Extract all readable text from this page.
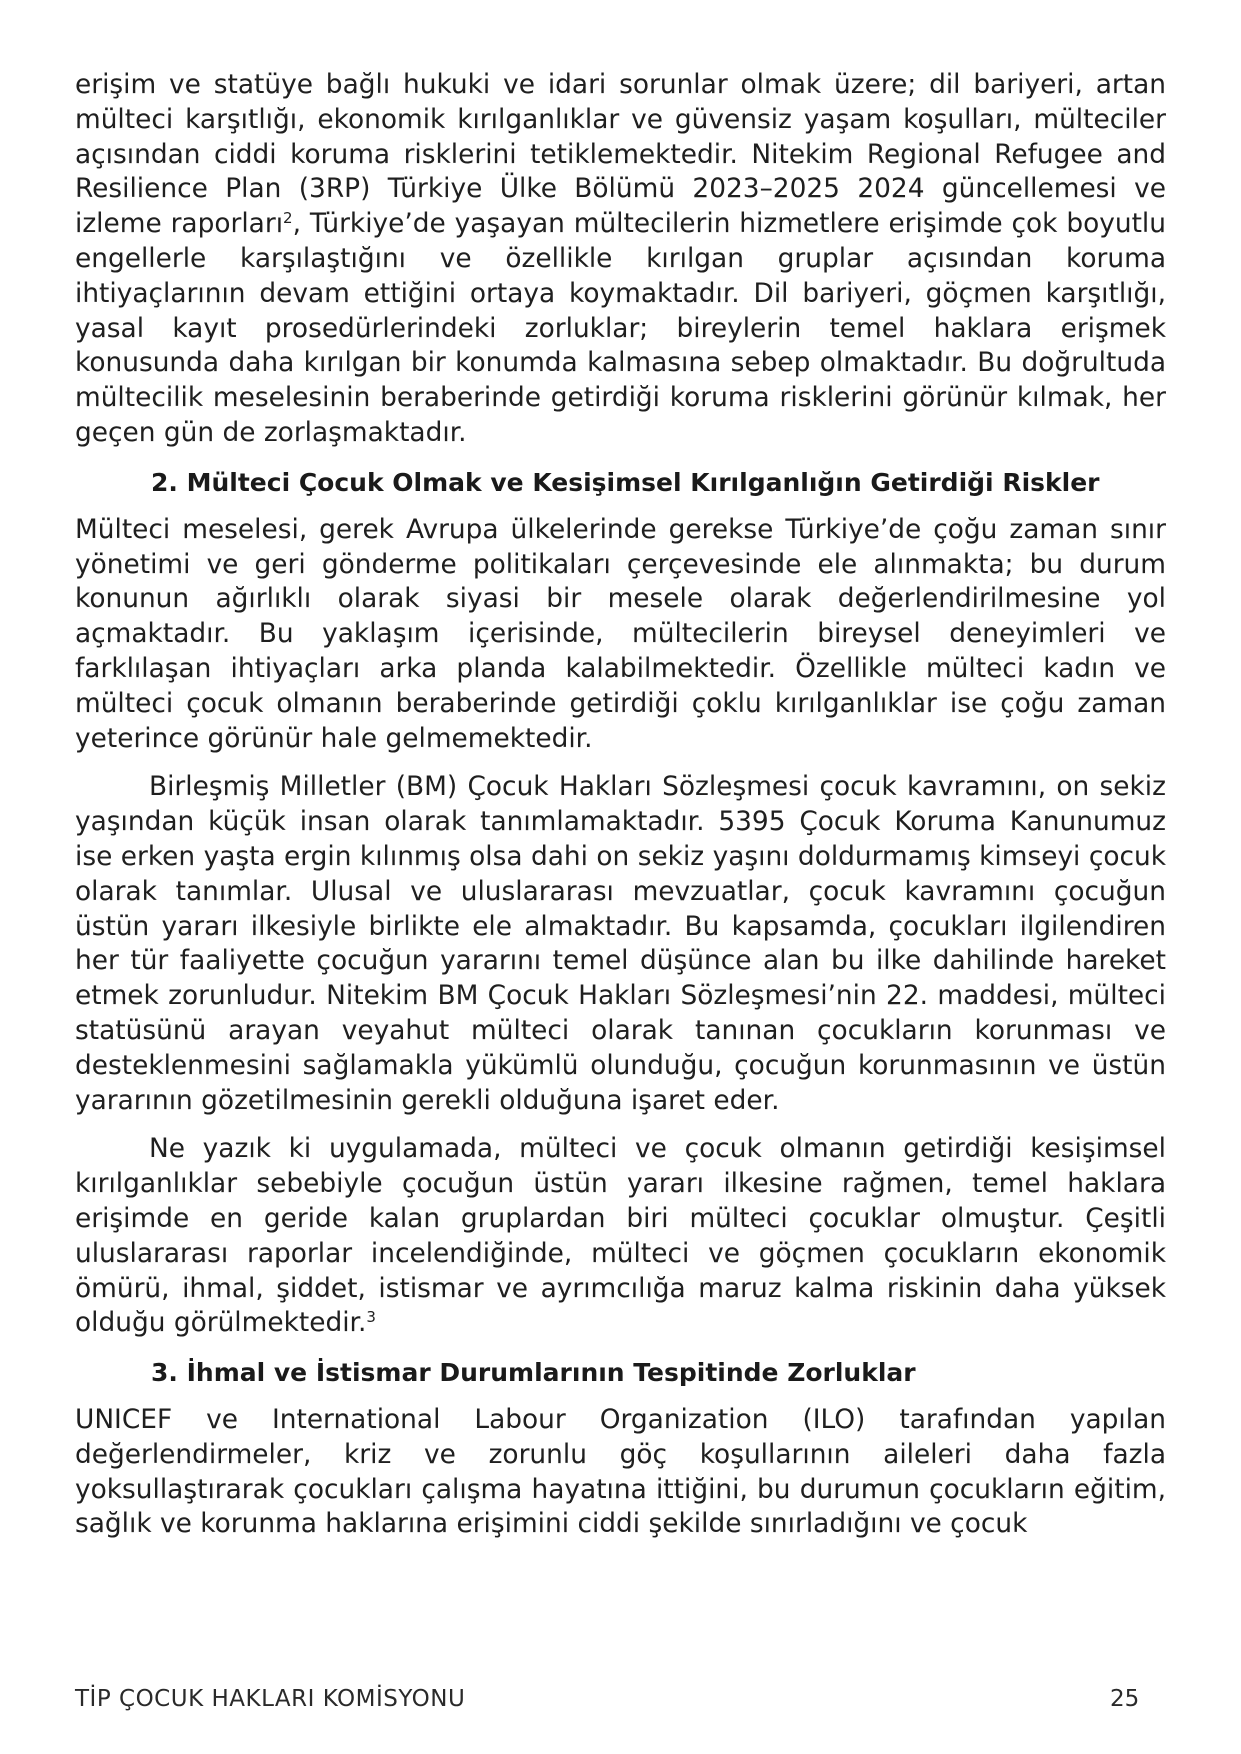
erişim ve statüye bağlı hukuki ve idari sorunlar olmak üzere; dil bariyeri, artan mülteci karşıtlığı, ekonomik kırılganlıklar ve güvensiz yaşam koşulları, mülteciler açısından ciddi koruma risklerini tetiklemektedir. Nitekim Regional Refugee and Resilience Plan (3RP) Türkiye Ülke Bölümü 2023–2025 2024 güncellemesi ve izleme raporları$^2$, Türkiye’de yaşayan mültecilerin hizmetlere erişimde çok boyutlu engellerle karşılaştığını ve özellikle kırılgan gruplar açısından koruma ihtiyaçlarının devam ettiğini ortaya koymaktadır. Dil bariyeri, göçmen karşıtlığı, yasal kayıt prosedürlerindeki zorluklar; bireylerin temel haklara erişmek konusunda daha kırılgan bir konumda kalmasına sebep olmaktadır. Bu doğrultuda mültecilik meselesinin beraberinde getirdiği koruma risklerini görünür kılmak, her geçen gün de zorlaşmaktadır.

2. Mülteci Çocuk Olmak ve Kesişimsel Kırılganlığın Getirdiği Riskler

Mülteci meselesi, gerek Avrupa ülkelerinde gerekse Türkiye’de çoğu zaman sınır yönetimi ve geri gönderme politikaları çerçevesinde ele alınmakta; bu durum konunun ağırlıklı olarak siyasi bir mesele olarak değerlendirilmesine yol açmaktadır. Bu yaklaşım içerisinde, mültecilerin bireysel deneyimleri ve farklılaşan ihtiyaçları arka planda kalabilmektedir. Özellikle mülteci kadın ve mülteci çocuk olmanın beraberinde getirdiği çoklu kırılganlıklar ise çoğu zaman yeterince görünür hale gelmemektedir.

Birleşmiş Milletler (BM) Çocuk Hakları Sözleşmesi çocuk kavramını, on sekiz yaşından küçük insan olarak tanımlamaktadır. 5395 Çocuk Koruma Kanunumuz ise erken yaşta ergin kılınmış olsa dahi on sekiz yaşını doldurmamış kimseyi çocuk olarak tanımlar. Ulusal ve uluslararası mevzuatlar, çocuk kavramını çocuğun üstün yararı ilkesiyle birlikte ele almaktadır. Bu kapsamda, çocukları ilgilendiren her tür faaliyette çocuğun yararını temel düşünce alan bu ilke dahilinde hareket etmek zorunludur. Nitekim BM Çocuk Hakları Sözleşmesi’nin 22. maddesi, mülteci statüsünü arayan veyahut mülteci olarak tanınan çocukların korunması ve desteklenmesini sağlamakla yükümlü olunduğu, çocuğun korunmasının ve üstün yararının gözetilmesinin gerekli olduğuna işaret eder.

Ne yazık ki uygulamada, mülteci ve çocuk olmanın getirdiği kesişimsel kırılganlıklar sebebiyle çocuğun üstün yararı ilkesine rağmen, temel haklara erişimde en geride kalan gruplardan biri mülteci çocuklar olmuştur. Çeşitli uluslararası raporlar incelendiğinde, mülteci ve göçmen çocukların ekonomik ömürü, ihmal, şiddet, istismar ve ayrımcılığa maruz kalma riskinin daha yüksek olduğu görülmektedir.$^3$

3. İhmal ve İstismar Durumlarının Tespitinde Zorluklar

UNICEF ve International Labour Organization (ILO) tarafından yapılan değerlendirmeler, kriz ve zorunlu göç koşullarının aileleri daha fazla yoksullaştırarak çocukları çalışma hayatına ittiğini, bu durumun çocukların eğitim, sağlık ve korunma haklarına erişimini ciddi şekilde sınırladığını ve çocuk

TİP ÇOCUK HAKLARI KOMİSYONU	25
